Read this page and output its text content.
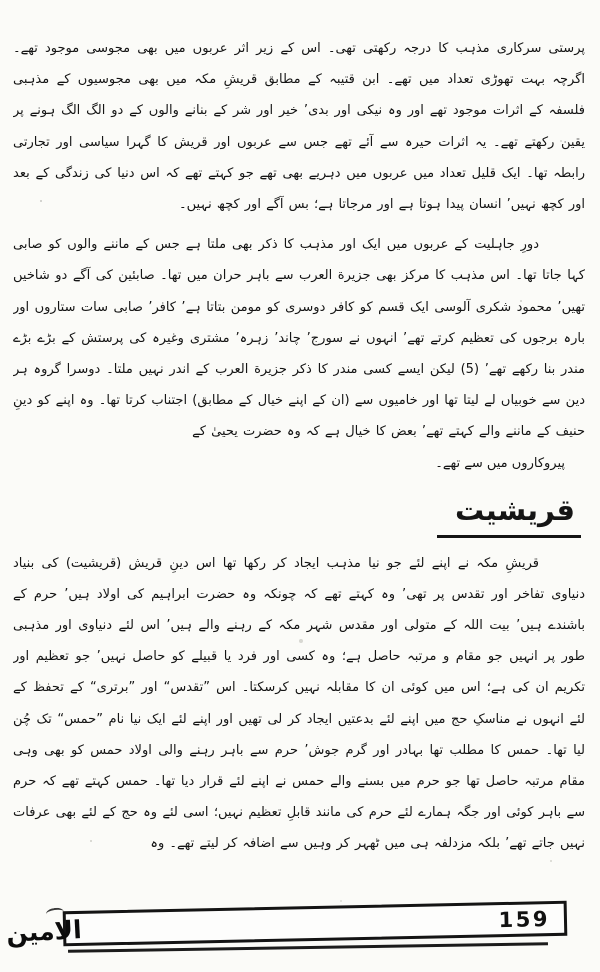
پرستی سرکاری مذہب کا درجہ رکھتی تھی۔ اس کے زیر اثر عربوں میں بھی مجوسی موجود تھے۔ اگرچہ بہت تھوڑی تعداد میں تھے۔ ابن قتیبہ کے مطابق قریشِ مکہ میں بھی مجوسیوں کے مذہبی فلسفہ کے اثرات موجود تھے اور وہ نیکی اور بدی’ خیر اور شر کے بنانے والوں کے دو الگ الگ ہونے پر یقین رکھتے تھے۔ یہ اثرات حیرہ سے آئے تھے جس سے عربوں اور قریش کا گہرا سیاسی اور تجارتی رابطہ تھا۔ ایک قلیل تعداد میں عربوں میں دہریے بھی تھے جو کہتے تھے کہ اس دنیا کی زندگی کے بعد اور کچھ نہیں’ انسان پیدا ہوتا ہے اور مرجاتا ہے؛ بس آگے اور کچھ نہیں۔

دورِ جاہلیت کے عربوں میں ایک اور مذہب کا ذکر بھی ملتا ہے جس کے ماننے والوں کو صابی کہا جاتا تھا۔ اس مذہب کا مرکز بھی جزیرة العرب سے باہر حران میں تھا۔ صابئین کی آگے دو شاخیں تھیں’ محمود شکری آلوسی ایک قسم کو کافر دوسری کو مومن بتاتا ہے’ کافر’ صابی سات ستاروں اور بارہ برجوں کی تعظیم کرتے تھے’ انہوں نے سورج’ چاند’ زہرہ’ مشتری وغیرہ کی پرستش کے بڑے بڑے مندر بنا رکھے تھے’ (5) لیکن ایسے کسی مندر کا ذکر جزیرة العرب کے اندر نہیں ملتا۔ دوسرا گروہ ہر دین سے خوبیاں لے لیتا تھا اور خامیوں سے (ان کے اپنے خیال کے مطابق) اجتناب کرتا تھا۔ وہ اپنے کو دینِ حنیف کے ماننے والے کہتے تھے’ بعض کا خیال ہے کہ وہ حضرت یحییٰ کے

پیروکاروں میں سے تھے۔

قریشیت

قریشِ مکہ نے اپنے لئے جو نیا مذہب ایجاد کر رکھا تھا اس دینِ قریش (قریشیت) کی بنیاد دنیاوی تفاخر اور تقدس پر تھی’ وہ کہتے تھے کہ چونکہ وہ حضرت ابراہیم کی اولاد ہیں’ حرم کے باشندے ہیں’ بیت اللہ کے متولی اور مقدس شہر مکہ کے رہنے والے ہیں’ اس لئے دنیاوی اور مذہبی طور پر انہیں جو مقام و مرتبہ حاصل ہے؛ وہ کسی اور فرد یا قبیلے کو حاصل نہیں’ جو تعظیم اور تکریم ان کی ہے؛ اس میں کوئی ان کا مقابلہ نہیں کرسکتا۔ اس ”تقدس“ اور ”برتری“ کے تحفظ کے لئے انہوں نے مناسکِ حج میں اپنے لئے بدعتیں ایجاد کر لی تھیں اور اپنے لئے ایک نیا نام ”حمس“ تک چُن لیا تھا۔ حمس کا مطلب تھا بہادر اور گرم جوش’ حرم سے باہر رہنے والی اولاد حمس کو بھی وہی مقام مرتبہ حاصل تھا جو حرم میں بسنے والے حمس نے اپنے لئے قرار دیا تھا۔ حمس کہتے تھے کہ حرم سے باہر کوئی اور جگہ ہمارے لئے حرم کی مانند قابلِ تعظیم نہیں؛ اسی لئے وہ حج کے لئے بھی عرفات نہیں جاتے تھے’ بلکہ مزدلفہ ہی میں ٹھہر کر وہیں سے اضافہ کر لیتے تھے۔ وہ

159
الامین
